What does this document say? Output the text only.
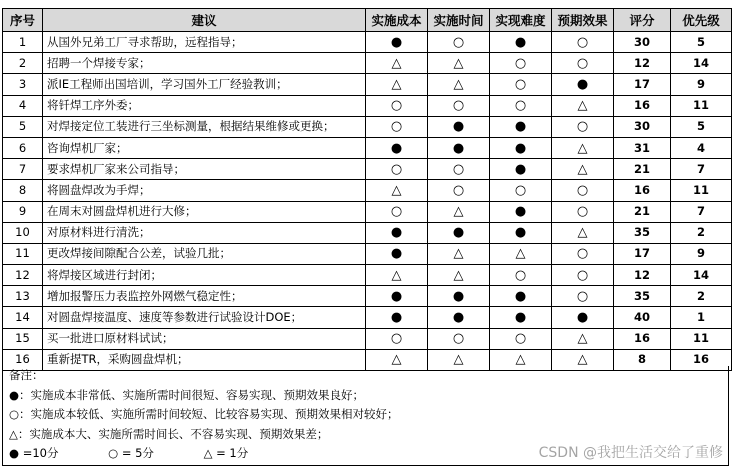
序号	建议	实施成本	实施时间	实现难度	预期效果	评分	优先级
1	从国外兄弟工厂寻求帮助，远程指导；	●	○	●	○	30	5
2	招聘一个焊接专家；	△	△	○	○	12	14
3	派IE工程师出国培训，学习国外工厂经验教训；	△	△	○	●	17	9
4	将钎焊工序外委；	○	○	○	△	16	11
5	对焊接定位工装进行三坐标测量，根据结果维修或更换；	○	●	●	○	30	5
6	咨询焊机厂家；	●	●	●	△	31	4
7	要求焊机厂家来公司指导；	○	○	●	△	21	7
8	将圆盘焊改为手焊；	△	○	○	○	16	11
9	在周末对圆盘焊机进行大修；	○	△	●	○	21	7
10	对原材料进行清洗；	●	●	●	△	35	2
11	更改焊接间隙配合公差，试验几批；	●	△	△	○	17	9
12	将焊接区域进行封闭；	△	△	○	○	12	14
13	增加报警压力表监控外网燃气稳定性；	●	●	●	○	35	2
14	对圆盘焊接温度、速度等参数进行试验设计DOE；	●	●	●	●	40	1
15	买一批进口原材料试试；	○	○	○	△	16	11
16	重新提TR，采购圆盘焊机；	△	△	△	△	8	16
备注：
●：实施成本非常低、实施所需时间很短、容易实现、预期效果良好；
○：实施成本较低、实施所需时间较短、比较容易实现、预期效果相对较好；
△：实施成本大、实施所需时间长、不容易实现、预期效果差；
● =10分	○ = 5分	△ = 1分	CSDN @我把生活交给了重修
